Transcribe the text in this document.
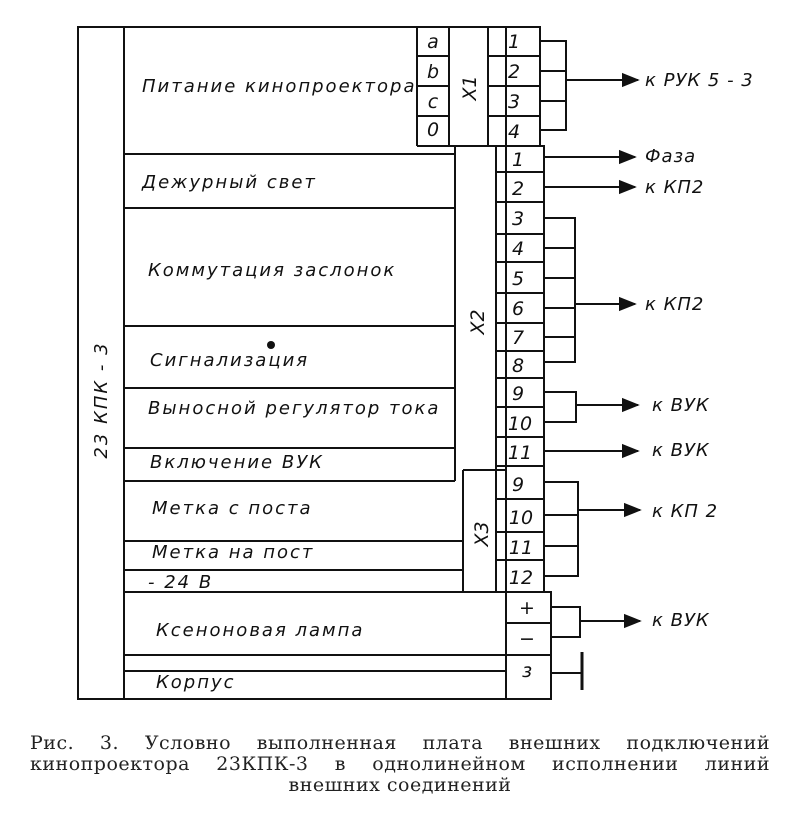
23 КПК - 3
Питание кинопроектора
Дежурный свет
Коммутация заслонок
Сигнализация
Выносной регулятор тока
Включение ВУК
Метка с поста
Метка на пост
- 24 В
Ксеноновая лампа
Корпус
a
b
c
0
X1
X2
X3
1
2
3
4
1
2
3
4
5
6
7
8
9
10
11
9
10
11
12
+
−
з
к РУК 5 - 3
Фаза
к КП2
к КП2
к ВУК
к ВУК
к КП 2
к ВУК
Рис. 3. Условно выполненная плата внешних подключений
кинопроектора 23КПК-3 в однолинейном исполнении линий
внешних соединений
